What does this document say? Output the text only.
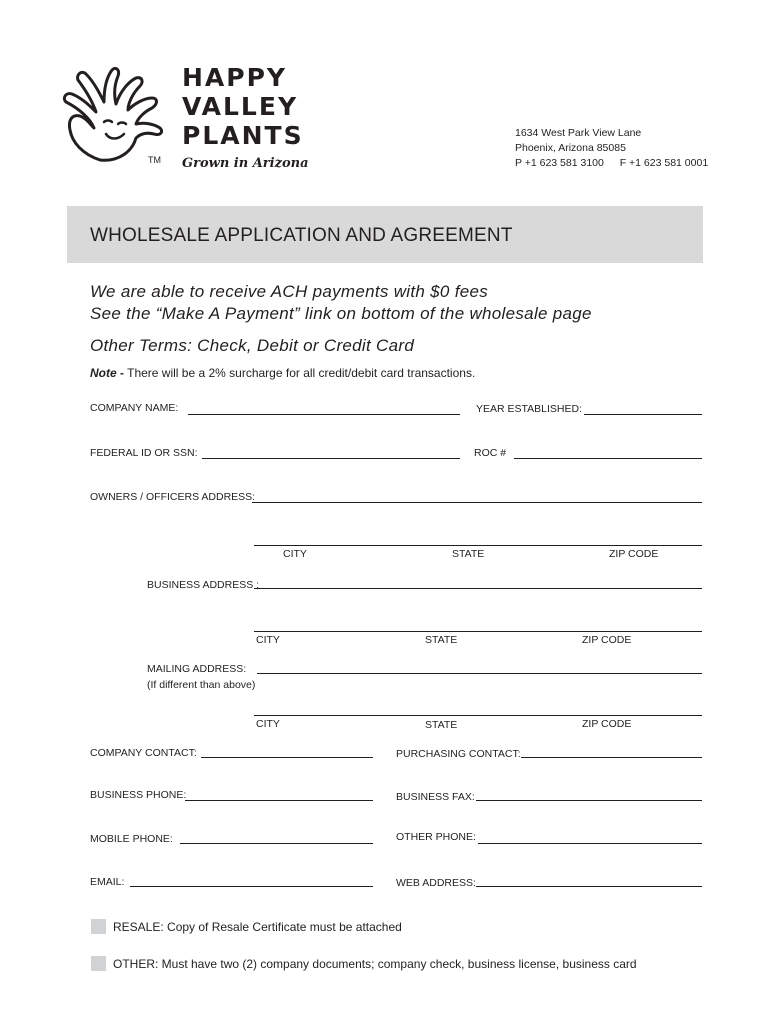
TM
HAPPY
VALLEY
PLANTS
Grown in Arizona
1634 West Park View Lane
Phoenix, Arizona 85085
P +1 623 581 3100 F +1 623 581 0001
WHOLESALE APPLICATION AND AGREEMENT
We are able to receive ACH payments with $0 fees
See the “Make A Payment” link on bottom of the wholesale page
Other Terms: Check, Debit or Credit Card
Note - There will be a 2% surcharge for all credit/debit card transactions.
COMPANY NAME:	YEAR ESTABLISHED:
FEDERAL ID OR SSN:	ROC #
OWNERS / OFFICERS ADDRESS:
CITY	STATE	ZIP CODE
BUSINESS ADDRESS :
CITY	STATE	ZIP CODE
MAILING ADDRESS:
(If different than above)
CITY	STATE	ZIP CODE
COMPANY CONTACT:	PURCHASING CONTACT:
BUSINESS PHONE:	BUSINESS FAX:
MOBILE PHONE:	OTHER PHONE:
EMAIL:	WEB ADDRESS:
RESALE: Copy of Resale Certificate must be attached
OTHER: Must have two (2) company documents; company check, business license, business card
